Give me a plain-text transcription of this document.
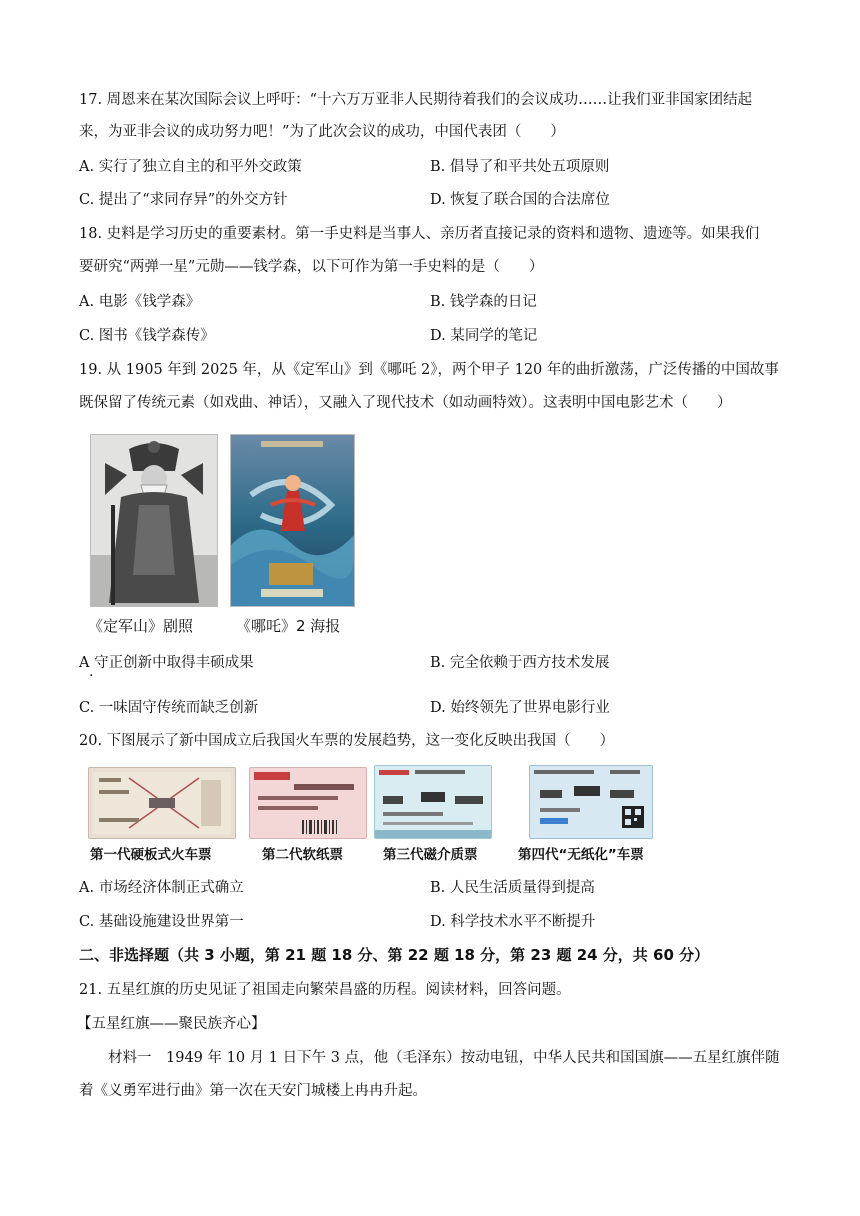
17. 周恩来在某次国际会议上呼吁：“十六万万亚非人民期待着我们的会议成功……让我们亚非国家团结起
来，为亚非会议的成功努力吧！”为了此次会议的成功，中国代表团（　　）
A. 实行了独立自主的和平外交政策	B. 倡导了和平共处五项原则
C. 提出了“求同存异”的外交方针	D. 恢复了联合国的合法席位
18. 史料是学习历史的重要素材。第一手史料是当事人、亲历者直接记录的资料和遗物、遗迹等。如果我们
要研究“两弹一星”元勋——钱学森，以下可作为第一手史料的是（　　）
A. 电影《钱学森》	B. 钱学森的日记
C. 图书《钱学森传》	D. 某同学的笔记
19. 从 1905 年到 2025 年，从《定军山》到《哪吒 2》，两个甲子 120 年的曲折激荡，广泛传播的中国故事
既保留了传统元素（如戏曲、神话），又融入了现代技术（如动画特效）。这表明中国电影艺术（　　）
《定军山》剧照	《哪吒》2 海报
A 守正创新中取得丰硕成果
·
B. 完全依赖于西方技术发展
C. 一味固守传统而缺乏创新	D. 始终领先了世界电影行业
20. 下图展示了新中国成立后我国火车票的发展趋势，这一变化反映出我国（　　）
第一代硬板式火车票	第二代软纸票	第三代磁介质票	第四代“无纸化”车票
A. 市场经济体制正式确立	B. 人民生活质量得到提高
C. 基础设施建设世界第一	D. 科学技术水平不断提升
二、非选择题（共 3 小题，第 21 题 18 分、第 22 题 18 分，第 23 题 24 分，共 60 分）
21. 五星红旗的历史见证了祖国走向繁荣昌盛的历程。阅读材料，回答问题。
【五星红旗——聚民族齐心】
材料一　1949 年 10 月 1 日下午 3 点，他（毛泽东）按动电钮，中华人民共和国国旗——五星红旗伴随
着《义勇军进行曲》第一次在天安门城楼上冉冉升起。
